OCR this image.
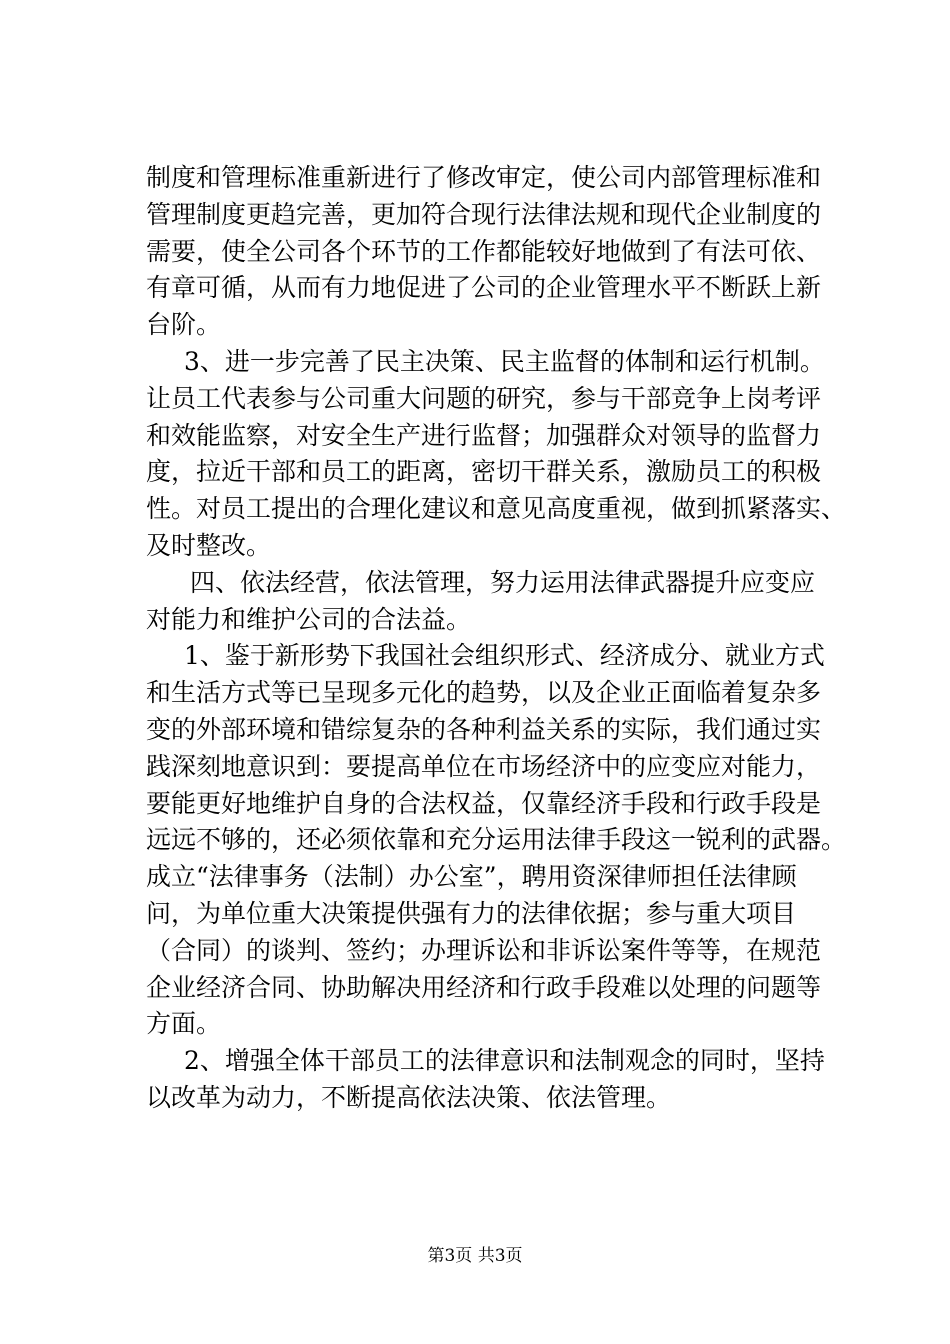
制度和管理标准重新进行了修改审定，使公司内部管理标准和
管理制度更趋完善，更加符合现行法律法规和现代企业制度的
需要，使全公司各个环节的工作都能较好地做到了有法可依、
有章可循，从而有力地促进了公司的企业管理水平不断跃上新
台阶。
3、进一步完善了民主决策、民主监督的体制和运行机制。
让员工代表参与公司重大问题的研究，参与干部竞争上岗考评
和效能监察，对安全生产进行监督；加强群众对领导的监督力
度，拉近干部和员工的距离，密切干群关系，激励员工的积极
性。对员工提出的合理化建议和意见高度重视，做到抓紧落实、
及时整改。
四、依法经营，依法管理，努力运用法律武器提升应变应
对能力和维护公司的合法益。
1、鉴于新形势下我国社会组织形式、经济成分、就业方式
和生活方式等已呈现多元化的趋势，以及企业正面临着复杂多
变的外部环境和错综复杂的各种利益关系的实际，我们通过实
践深刻地意识到：要提高单位在市场经济中的应变应对能力，
要能更好地维护自身的合法权益，仅靠经济手段和行政手段是
远远不够的，还必须依靠和充分运用法律手段这一锐利的武器。
成立“法律事务（法制）办公室”，聘用资深律师担任法律顾
问，为单位重大决策提供强有力的法律依据；参与重大项目
（合同）的谈判、签约；办理诉讼和非诉讼案件等等，在规范
企业经济合同、协助解决用经济和行政手段难以处理的问题等
方面。
2、增强全体干部员工的法律意识和法制观念的同时，坚持
以改革为动力，不断提高依法决策、依法管理。
第3页 共3页
